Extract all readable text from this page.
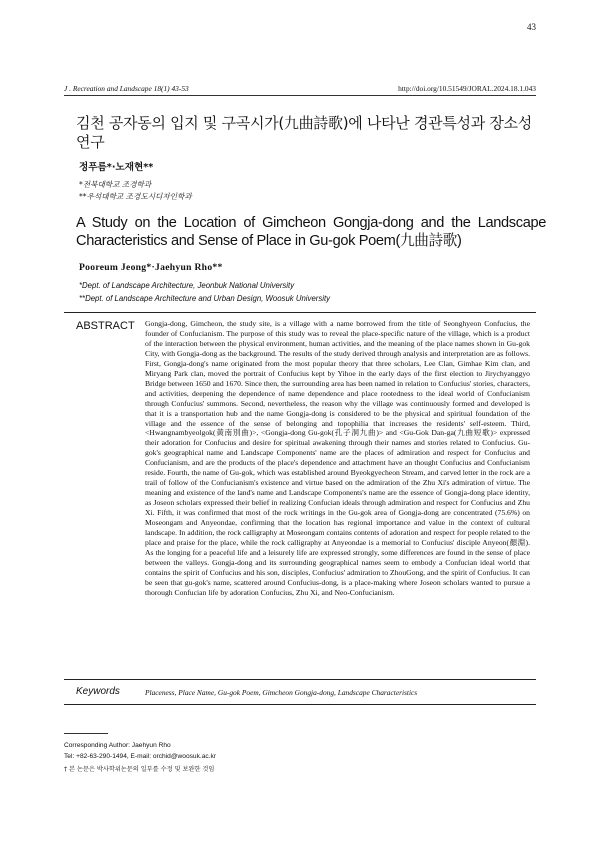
43
J . Recreation and Landscape 18(1) 43-53	http://doi.org/10.51549/JORAL.2024.18.1.043
김천 공자동의 입지 및 구곡시가(九曲詩歌)에 나타난 경관특성과 장소성 연구
정푸름*·노재현**
*전북대학교 조경학과
**우석대학교 조경도시디자인학과
A Study on the Location of Gimcheon Gongja-dong and the Landscape Characteristics and Sense of Place in Gu-gok Poem(九曲詩歌)
Pooreum Jeong*·Jaehyun Rho**
*Dept. of Landscape Architecture, Jeonbuk National University
**Dept. of Landscape Architecture and Urban Design, Woosuk University
ABSTRACT Gongja-dong, Gimcheon, the study site, is a village with a name borrowed from the title of Seonghyeon Confucius, the founder of Confucianism. The purpose of this study was to reveal the place-specific nature of the village, which is a product of the interaction between the physical environment, human activities, and the meaning of the place names shown in Gu-gok City, with Gongja-dong as the background. The results of the study derived through analysis and interpretation are as follows. First, Gongja-dong's name originated from the most popular theory that three scholars, Lee Clan, Gimhae Kim clan, and Miryang Park clan, moved the portrait of Confucius kept by Yihoe in the early days of the first election to Jirychyanggyo Bridge between 1650 and 1670. Since then, the surrounding area has been named in relation to Confucius' stories, characters, and activities, deepening the dependence of name dependence and place rootedness to the ideal world of Confucianism through Confucius' summons. Second, nevertheless, the reason why the village was continuously formed and developed is that it is a transportation hub and the name Gongja-dong is considered to be the physical and spiritual foundation of the village and the essence of the sense of belonging and topophilia that increases the residents' self-esteem. Third, <Hwangnambyeolgok(黃南別曲)>, <Gongja-dong Gu-gok(孔子洞九曲)> and <Gu-Gok Dan-ga(九曲短歌)> expressed their adoration for Confucius and desire for spiritual awakening through their names and stories related to Confucius. Gu-gok's geographical name and Landscape Components' name are the places of admiration and respect for Confucius and Confucianism, and are the products of the place's dependence and attachment have an thought Confucius and Confucianism reside. Fourth, the name of Gu-gok, which was established around Byeokgyecheon Stream, and carved letter in the rock are a trail of follow of the Confucianism's existence and virtue based on the admiration of the Zhu Xi's admiration of virtue. The meaning and existence of the land's name and Landscape Components's name are the essence of Gongja-dong place identity, as Joseon scholars expressed their belief in realizing Confucian ideals through admiration and respect for Confucius and Zhu Xi. Fifth, it was confirmed that most of the rock writings in the Gu-gok area of Gongja-dong are concentrated (75.6%) on Moseongam and Anyeondae, confirming that the location has regional importance and value in the context of cultural landscape. In addition, the rock calligraphy at Moseongam contains contents of adoration and respect for people related to the place and praise for the place, while the rock calligraphy at Anyeondae is a memorial to Confucius' disciple Anyeon(顏淵). As the longing for a peaceful life and a leisurely life are expressed strongly, some differences are found in the sense of place between the valleys. Gongja-dong and its surrounding geographical names seem to embody a Confucian ideal world that contains the spirit of Confucius and his son, disciples, Confucius' admiration to ZhouGong, and the spirit of Confucius. It can be seen that gu-gok's name, scattered around Confucius-dong, is a place-making where Joseon scholars wanted to pursue a thorough Confucian life by adoration Confucius, Zhu Xi, and Neo-Confucianism.
Keywords	Placeness, Place Name, Gu-gok Poem, Gimcheon Gongja-dong, Landscape Characteristics
Corresponding Author: Jaehyun Rho
Tel: +82-63-290-1494, E-mail: orchid@woosuk.ac.kr
† 본 논문은 박사학위논문의 일부를 수정 및 보완한 것임
